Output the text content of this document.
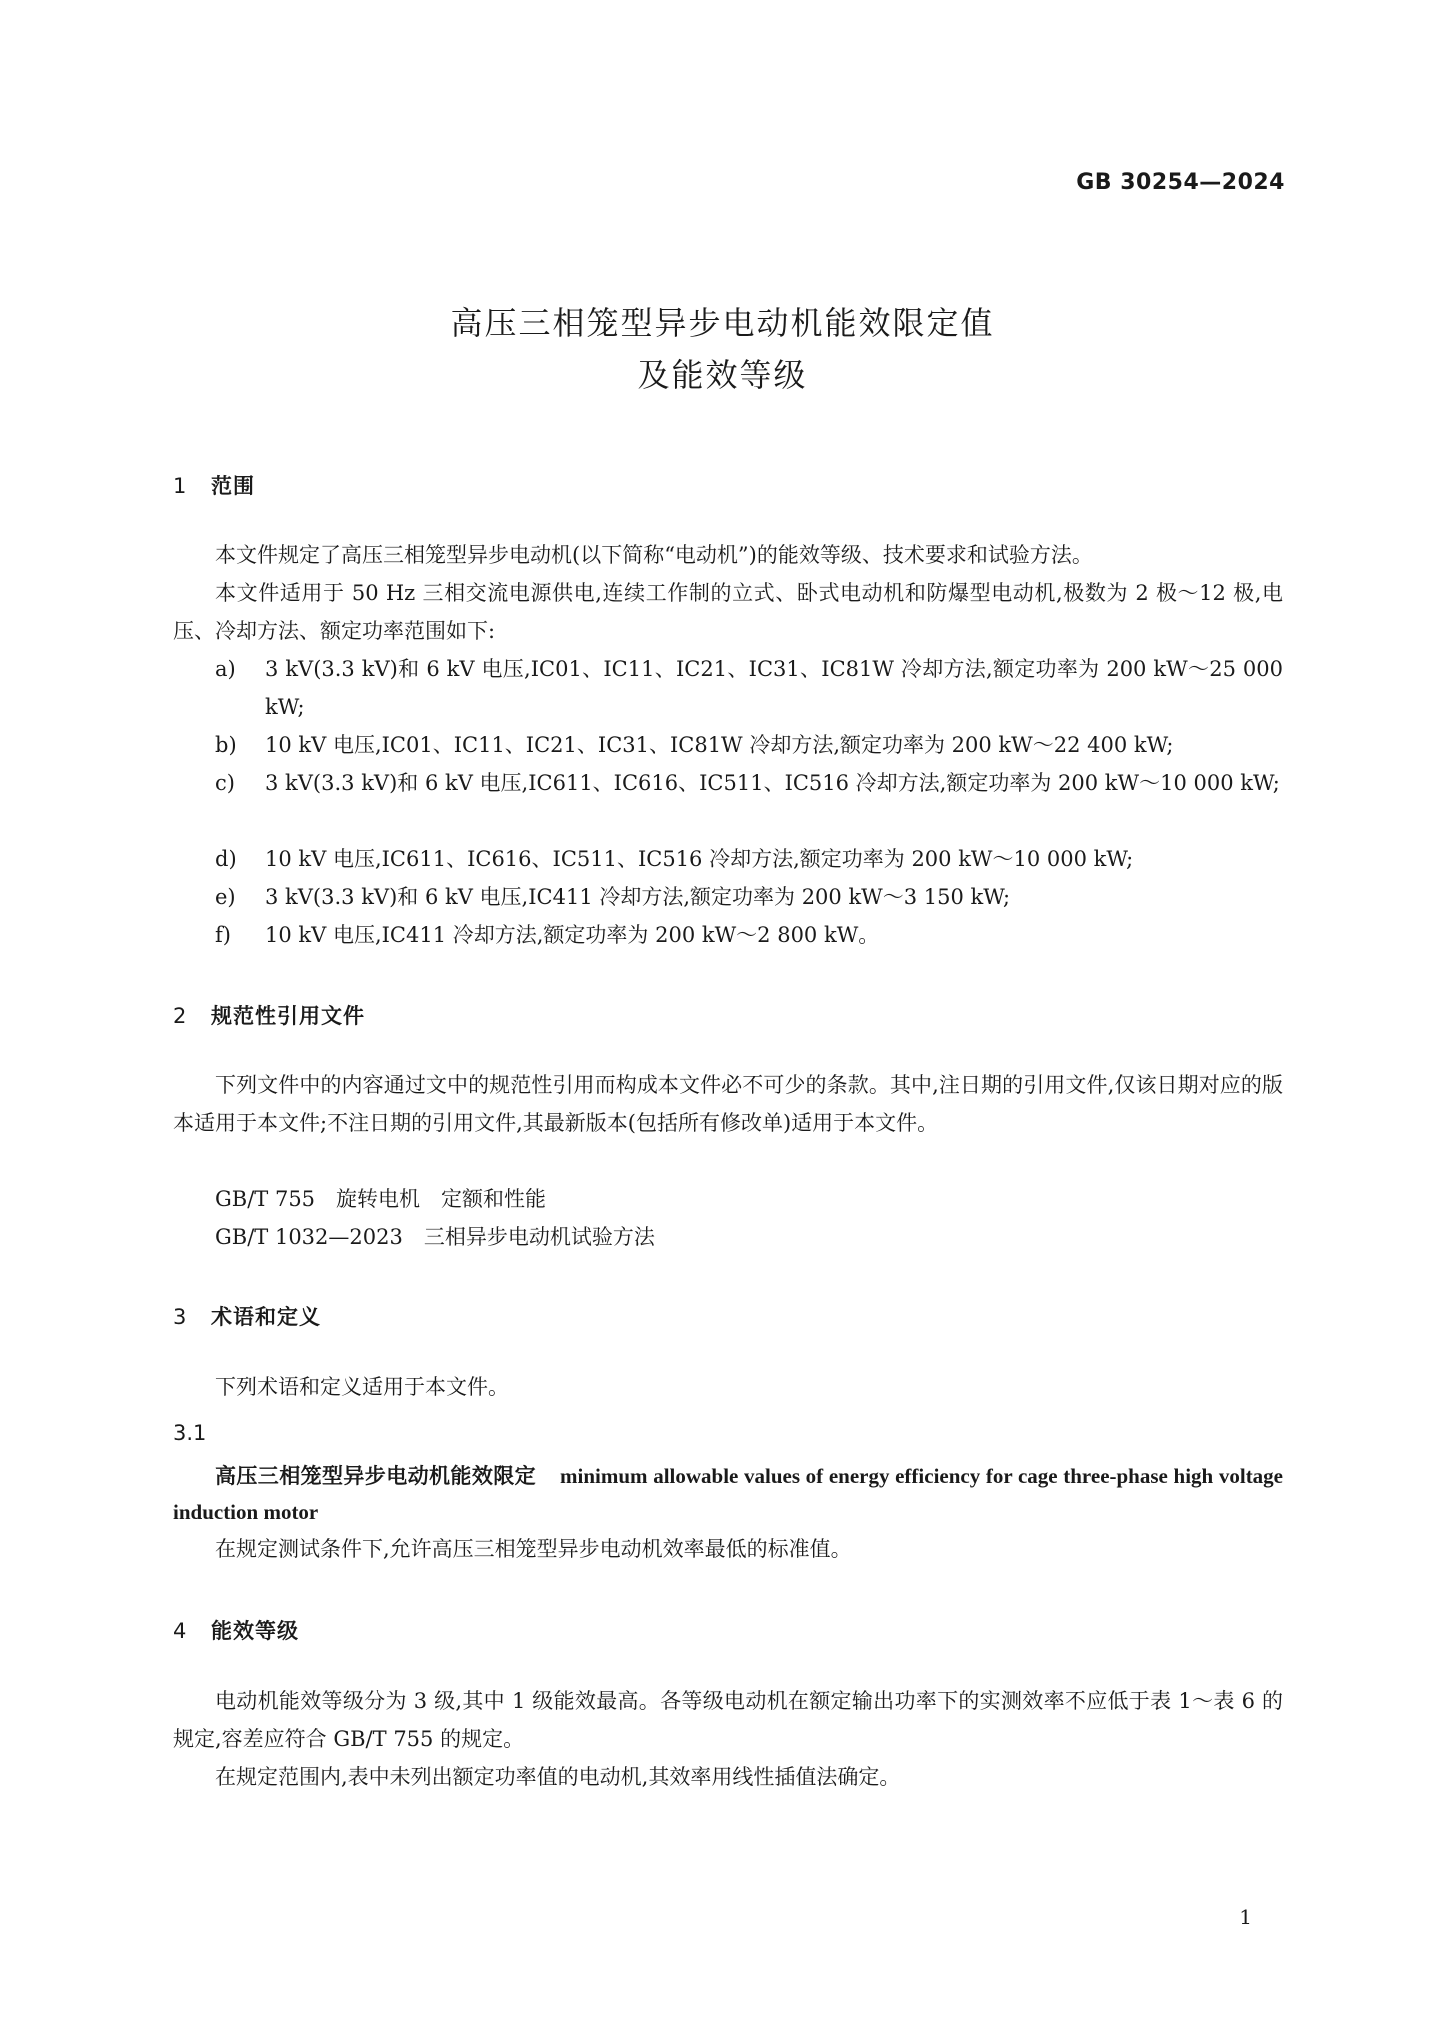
GB 30254—2024
高压三相笼型异步电动机能效限定值
及能效等级
1 范围
本文件规定了高压三相笼型异步电动机(以下简称“电动机”)的能效等级、技术要求和试验方法。
本文件适用于 50 Hz 三相交流电源供电,连续工作制的立式、卧式电动机和防爆型电动机,极数为 2 极～12 极,电压、冷却方法、额定功率范围如下:
a)	3 kV(3.3 kV)和 6 kV 电压,IC01、IC11、IC21、IC31、IC81W 冷却方法,额定功率为 200 kW～25 000 kW;
b)	10 kV 电压,IC01、IC11、IC21、IC31、IC81W 冷却方法,额定功率为 200 kW～22 400 kW;
c)	3 kV(3.3 kV)和 6 kV 电压,IC611、IC616、IC511、IC516 冷却方法,额定功率为 200 kW～10 000 kW;
d)	10 kV 电压,IC611、IC616、IC511、IC516 冷却方法,额定功率为 200 kW～10 000 kW;
e)	3 kV(3.3 kV)和 6 kV 电压,IC411 冷却方法,额定功率为 200 kW～3 150 kW;
f)	10 kV 电压,IC411 冷却方法,额定功率为 200 kW～2 800 kW。
2 规范性引用文件
下列文件中的内容通过文中的规范性引用而构成本文件必不可少的条款。其中,注日期的引用文件,仅该日期对应的版本适用于本文件;不注日期的引用文件,其最新版本(包括所有修改单)适用于本文件。
GB/T 755　旋转电机　定额和性能
GB/T 1032—2023　三相异步电动机试验方法
3 术语和定义
下列术语和定义适用于本文件。
3.1
高压三相笼型异步电动机能效限定 minimum allowable values of energy efficiency for cage three-phase high voltage induction motor
在规定测试条件下,允许高压三相笼型异步电动机效率最低的标准值。
4 能效等级
电动机能效等级分为 3 级,其中 1 级能效最高。各等级电动机在额定输出功率下的实测效率不应低于表 1～表 6 的规定,容差应符合 GB/T 755 的规定。
在规定范围内,表中未列出额定功率值的电动机,其效率用线性插值法确定。
1
